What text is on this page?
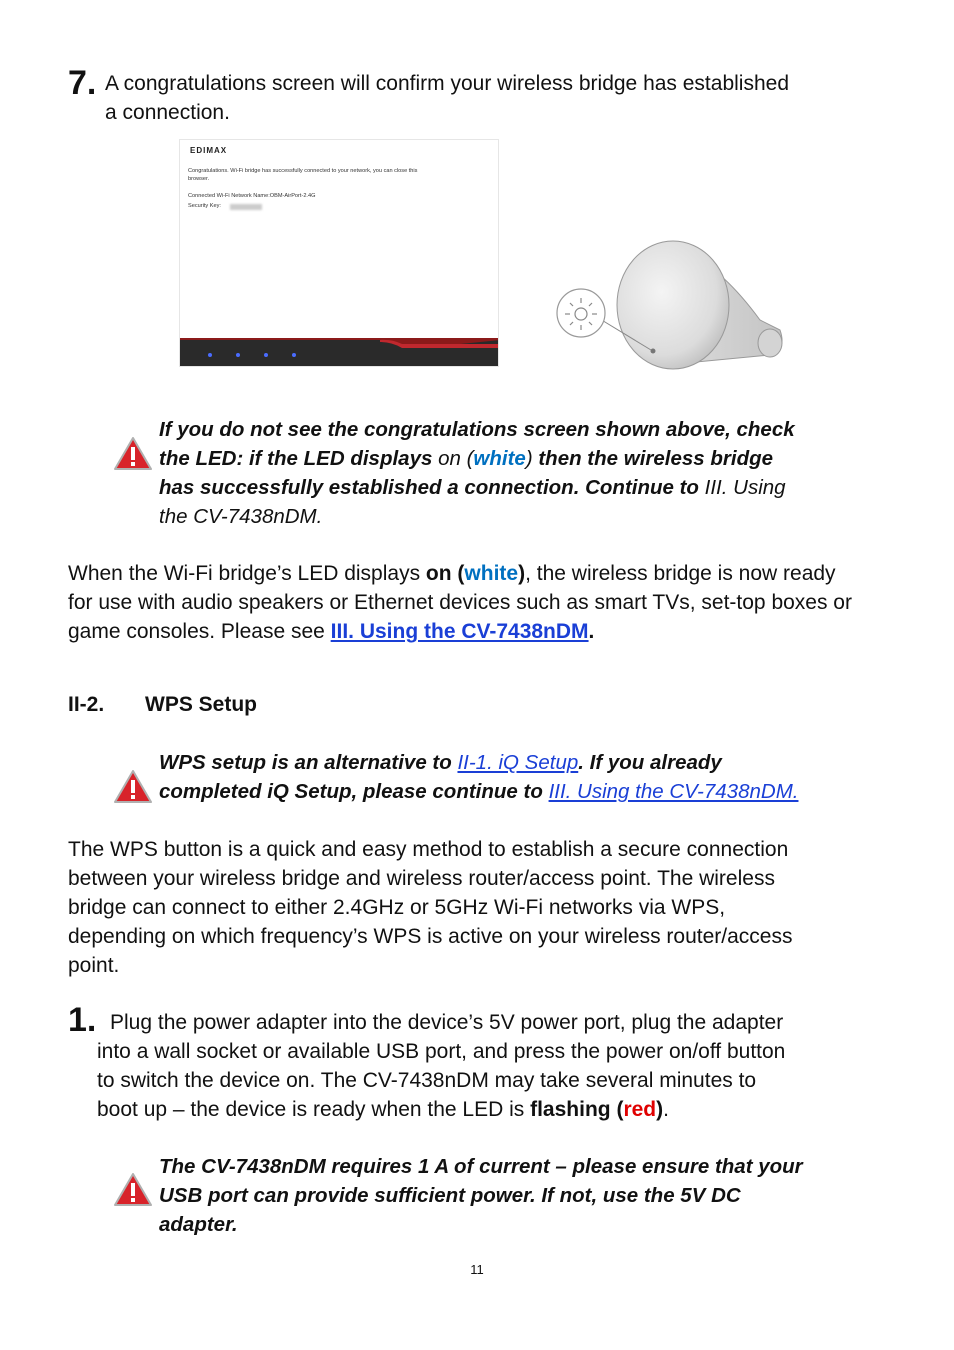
7. A congratulations screen will confirm your wireless bridge has established
a connection.
EDIMAX
Congratulations. Wi-Fi bridge has successfully connected to your network, you can close this
browser.
Connected Wi-Fi Network Name:OBM-AirPort-2.4G
Security Key:
If you do not see the congratulations screen shown above, check
the LED: if the LED displays on (white) then the wireless bridge
has successfully established a connection. Continue to III. Using
the CV-7438nDM.
When the Wi-Fi bridge’s LED displays on (white), the wireless bridge is now ready
for use with audio speakers or Ethernet devices such as smart TVs, set-top boxes or
game consoles. Please see III. Using the CV-7438nDM.
II-2. WPS Setup
WPS setup is an alternative to II-1. iQ Setup. If you already
completed iQ Setup, please continue to III. Using the CV-7438nDM.
The WPS button is a quick and easy method to establish a secure connection
between your wireless bridge and wireless router/access point. The wireless
bridge can connect to either 2.4GHz or 5GHz Wi-Fi networks via WPS,
depending on which frequency’s WPS is active on your wireless router/access
point.
1. Plug the power adapter into the device’s 5V power port, plug the adapter
into a wall socket or available USB port, and press the power on/off button
to switch the device on. The CV-7438nDM may take several minutes to
boot up – the device is ready when the LED is flashing (red).
The CV-7438nDM requires 1 A of current – please ensure that your
USB port can provide sufficient power. If not, use the 5V DC
adapter.
11
